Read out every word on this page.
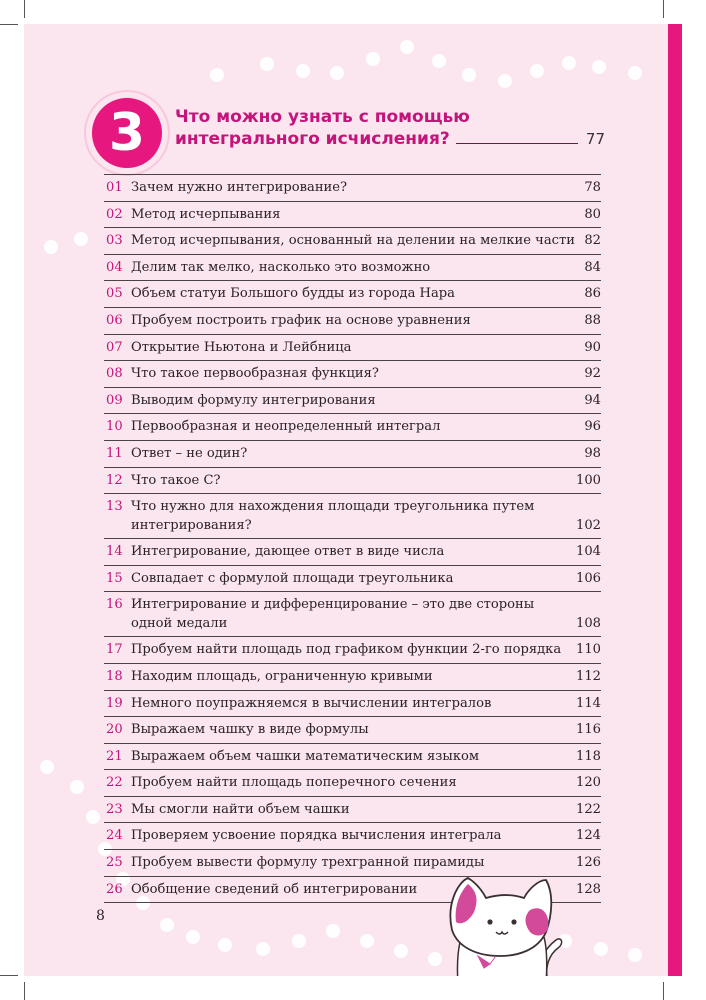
3	Что можно узнать с помощью
интегрального исчисления?	77
01 Зачем нужно интегрирование?	78
02 Метод исчерпывания	80
03 Метод исчерпывания, основанный на делении на мелкие части 82
04 Делим так мелко, насколько это возможно	84
05 Объем статуи Большого будды из города Нара	86
06 Пробуем построить график на основе уравнения	88
07 Открытие Ньютона и Лейбница	90
08 Что такое первообразная функция?	92
09 Выводим формулу интегрирования	94
10 Первообразная и неопределенный интеграл	96
11 Ответ – не один?	98
12 Что такое С?	100
13 Что нужно для нахождения площади треугольника путем
интегрирования?	102
14 Интегрирование, дающее ответ в виде числа	104
15 Совпадает с формулой площади треугольника	106
16 Интегрирование и дифференцирование – это две стороны
одной медали	108
17 Пробуем найти площадь под графиком функции 2-го порядка 110
18 Находим площадь, ограниченную кривыми	112
19 Немного поупражняемся в вычислении интегралов	114
20 Выражаем чашку в виде формулы	116
21 Выражаем объем чашки математическим языком	118
22 Пробуем найти площадь поперечного сечения	120
23 Мы смогли найти объем чашки	122
24 Проверяем усвоение порядка вычисления интеграла	124
25 Пробуем вывести формулу трехгранной пирамиды	126
26 Обобщение сведений об интегрировании	128
8
